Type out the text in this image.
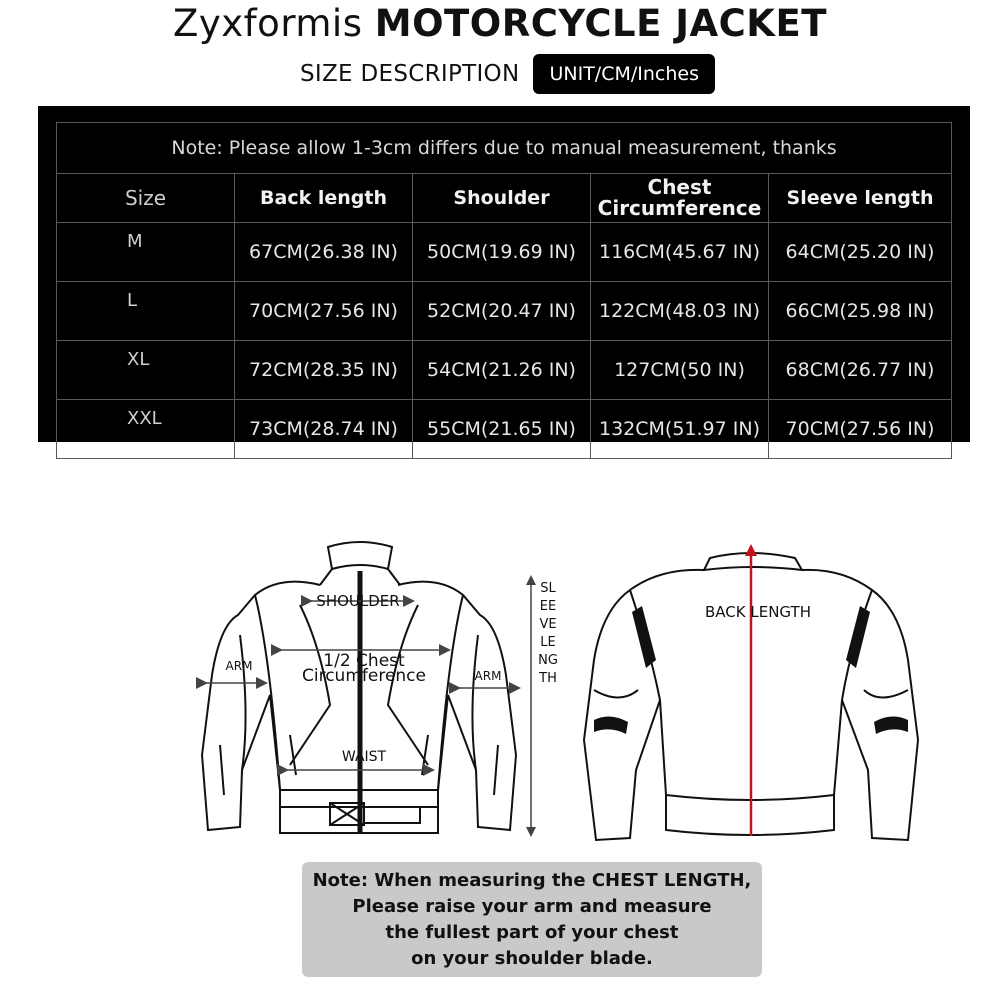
Zyxformis MOTORCYCLE JACKET
SIZE DESCRIPTION	UNIT/CM/Inches
Note: Please allow 1-3cm differs due to manual measurement, thanks				
Size	Back length	Shoulder	Chest Circumference	Sleeve length
M	67CM(26.38 IN)	50CM(19.69 IN)	116CM(45.67 IN)	64CM(25.20 IN)
L	70CM(27.56 IN)	52CM(20.47 IN)	122CM(48.03 IN)	66CM(25.98 IN)
XL	72CM(28.35 IN)	54CM(21.26 IN)	127CM(50 IN)	68CM(26.77 IN)
XXL	73CM(28.74 IN)	55CM(21.65 IN)	132CM(51.97 IN)	70CM(27.56 IN)
SHOULDER
1/2 Chest
Circumference
ARM
ARM
WAIST
SLEEVE LENGTH
BACK LENGTH
Note: When measuring the CHEST LENGTH,
Please raise your arm and measure
the fullest part of your chest
on your shoulder blade.
